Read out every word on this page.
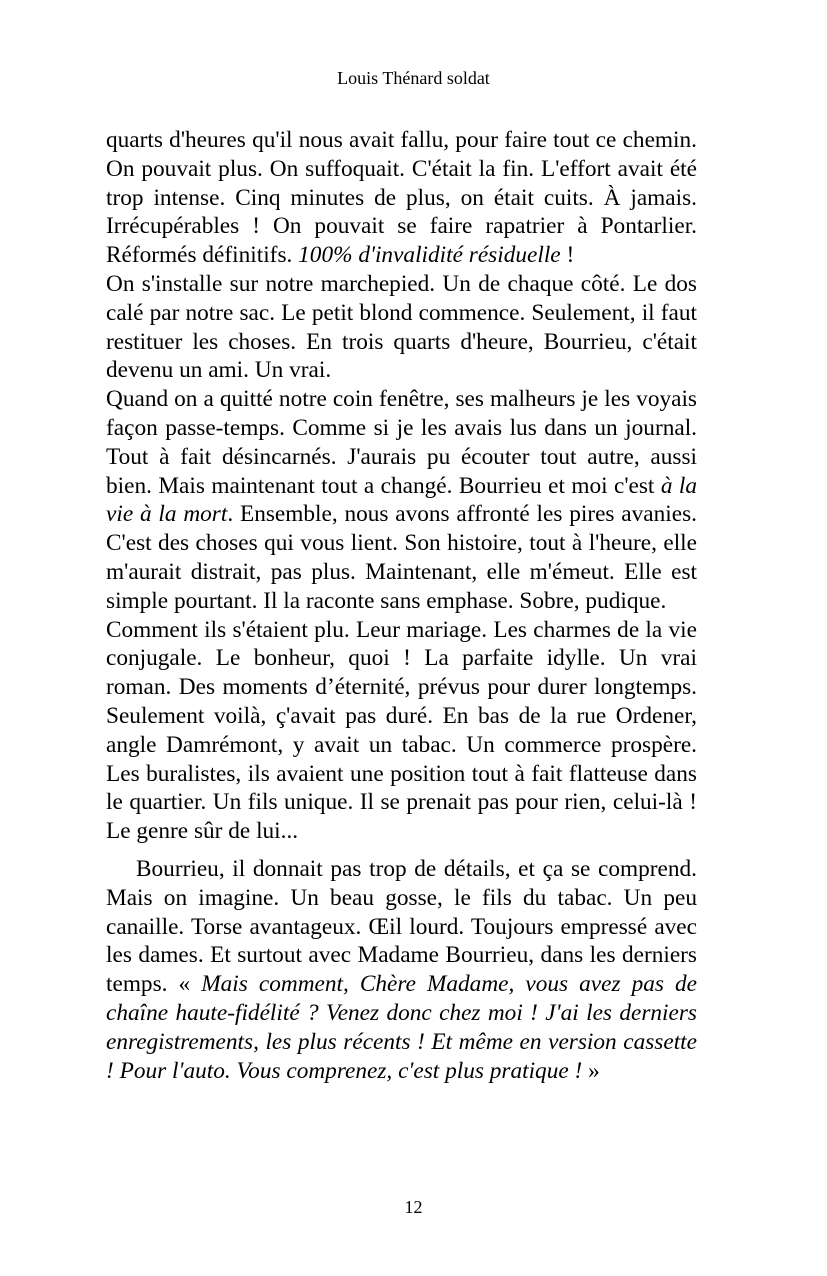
Louis Thénard soldat

quarts d'heures qu'il nous avait fallu, pour faire tout ce chemin. On pouvait plus. On suffoquait. C'était la fin. L'effort avait été trop intense. Cinq minutes de plus, on était cuits. À jamais. Irrécupérables ! On pouvait se faire rapatrier à Pontarlier. Réformés définitifs. 100% d'invalidité résiduelle !

On s'installe sur notre marchepied. Un de chaque côté. Le dos calé par notre sac. Le petit blond commence. Seulement, il faut restituer les choses. En trois quarts d'heure, Bourrieu, c'était devenu un ami. Un vrai.

Quand on a quitté notre coin fenêtre, ses malheurs je les voyais façon passe-temps. Comme si je les avais lus dans un journal. Tout à fait désincarnés. J'aurais pu écouter tout autre, aussi bien. Mais maintenant tout a changé. Bourrieu et moi c'est à la vie à la mort. Ensemble, nous avons affronté les pires avanies. C'est des choses qui vous lient. Son histoire, tout à l'heure, elle m'aurait distrait, pas plus. Maintenant, elle m'émeut. Elle est simple pourtant. Il la raconte sans emphase. Sobre, pudique.

Comment ils s'étaient plu. Leur mariage. Les charmes de la vie conjugale. Le bonheur, quoi ! La parfaite idylle. Un vrai roman. Des moments d’éternité, prévus pour durer longtemps. Seulement voilà, ç'avait pas duré. En bas de la rue Ordener, angle Damrémont, y avait un tabac. Un commerce prospère. Les buralistes, ils avaient une position tout à fait flatteuse dans le quartier. Un fils unique. Il se prenait pas pour rien, celui-là ! Le genre sûr de lui...

Bourrieu, il donnait pas trop de détails, et ça se comprend. Mais on imagine. Un beau gosse, le fils du tabac. Un peu canaille. Torse avantageux. Œil lourd. Toujours empressé avec les dames. Et surtout avec Madame Bourrieu, dans les derniers temps. « Mais comment, Chère Madame, vous avez pas de chaîne haute-fidélité ? Venez donc chez moi ! J'ai les derniers enregistrements, les plus récents ! Et même en version cassette ! Pour l'auto. Vous comprenez, c'est plus pratique ! »

12
